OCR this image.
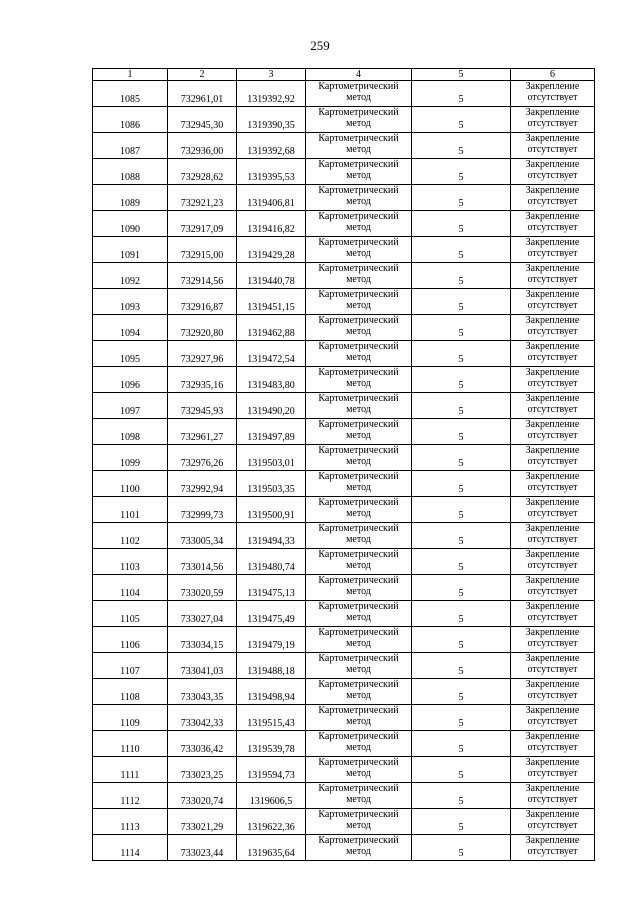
259
1	2	3	4	5	6
1085	732961,01	1319392,92	Картометрический
метод	5	Закрепление
отсутствует

1086	732945,30	1319390,35	Картометрический
метод	5	Закрепление
отсутствует

1087	732936,00	1319392,68	Картометрический
метод	5	Закрепление
отсутствует

1088	732928,62	1319395,53	Картометрический
метод	5	Закрепление
отсутствует

1089	732921,23	1319406,81	Картометрический
метод	5	Закрепление
отсутствует

1090	732917,09	1319416,82	Картометрический
метод	5	Закрепление
отсутствует

1091	732915,00	1319429,28	Картометрический
метод	5	Закрепление
отсутствует

1092	732914,56	1319440,78	Картометрический
метод	5	Закрепление
отсутствует

1093	732916,87	1319451,15	Картометрический
метод	5	Закрепление
отсутствует

1094	732920,80	1319462,88	Картометрический
метод	5	Закрепление
отсутствует

1095	732927,96	1319472,54	Картометрический
метод	5	Закрепление
отсутствует

1096	732935,16	1319483,80	Картометрический
метод	5	Закрепление
отсутствует

1097	732945,93	1319490,20	Картометрический
метод	5	Закрепление
отсутствует

1098	732961,27	1319497,89	Картометрический
метод	5	Закрепление
отсутствует

1099	732976,26	1319503,01	Картометрический
метод	5	Закрепление
отсутствует

1100	732992,94	1319503,35	Картометрический
метод	5	Закрепление
отсутствует

1101	732999,73	1319500,91	Картометрический
метод	5	Закрепление
отсутствует

1102	733005,34	1319494,33	Картометрический
метод	5	Закрепление
отсутствует

1103	733014,56	1319480,74	Картометрический
метод	5	Закрепление
отсутствует

1104	733020,59	1319475,13	Картометрический
метод	5	Закрепление
отсутствует

1105	733027,04	1319475,49	Картометрический
метод	5	Закрепление
отсутствует

1106	733034,15	1319479,19	Картометрический
метод	5	Закрепление
отсутствует

1107	733041,03	1319488,18	Картометрический
метод	5	Закрепление
отсутствует

1108	733043,35	1319498,94	Картометрический
метод	5	Закрепление
отсутствует

1109	733042,33	1319515,43	Картометрический
метод	5	Закрепление
отсутствует

1110	733036,42	1319539,78	Картометрический
метод	5	Закрепление
отсутствует

1111	733023,25	1319594,73	Картометрический
метод	5	Закрепление
отсутствует

1112	733020,74	1319606,5	Картометрический
метод	5	Закрепление
отсутствует

1113	733021,29	1319622,36	Картометрический
метод	5	Закрепление
отсутствует

1114	733023,44	1319635,64	Картометрический
метод	5	Закрепление
отсутствует
